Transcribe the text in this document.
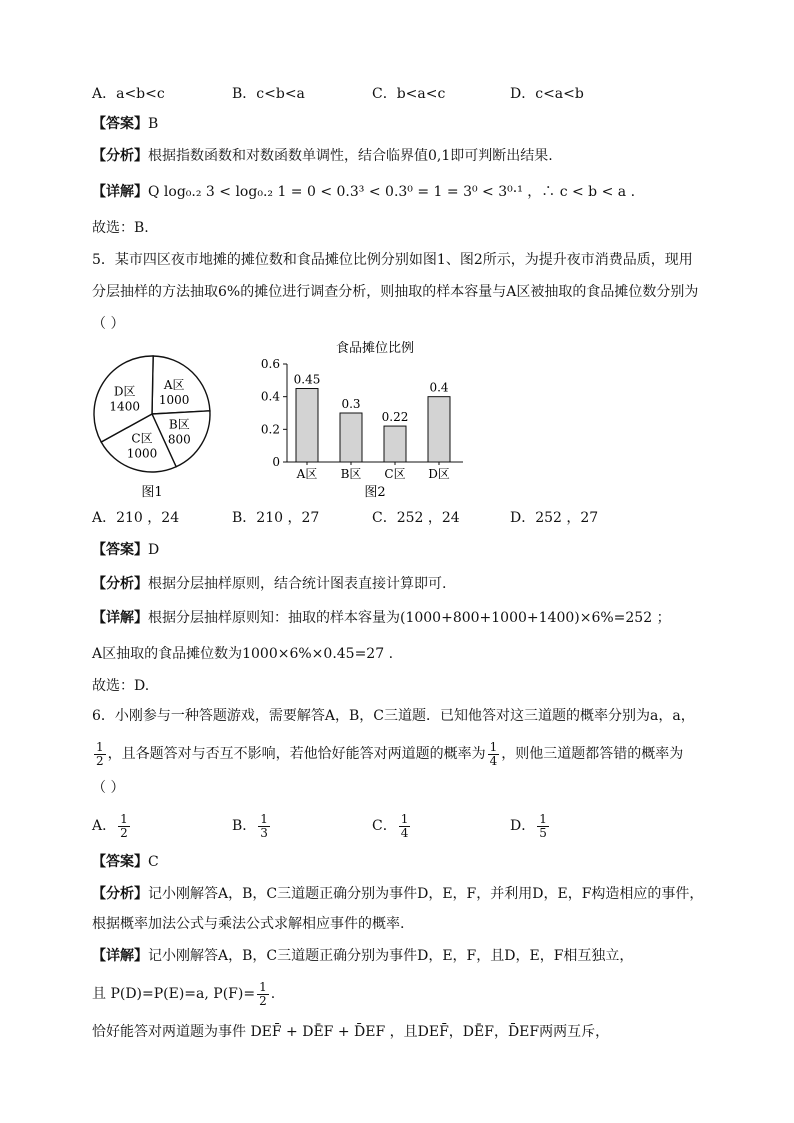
A．a<b<c	B．c<b<a	C．b<a<c	D．c<a<b
【答案】B
【分析】根据指数函数和对数函数单调性，结合临界值0,1即可判断出结果.
【详解】Q log₀.₂ 3 < log₀.₂ 1 = 0 < 0.3³ < 0.3⁰ = 1 = 3⁰ < 3⁰·¹ ，∴ c < b < a .
故选：B.
5．某市四区夜市地摊的摊位数和食品摊位比例分别如图1、图2所示，为提升夜市消费品质，现用
分层抽样的方法抽取6%的摊位进行调查分析，则抽取的样本容量与A区被抽取的食品摊位数分别为
（ ）
A区
1000
B区
800
C区
1000
D区
1400
图1
食品摊位比例
0
0.2
0.4
0.6
0.45
A区
0.3
B区
0.22
C区
0.4
D区
图2
A．210 ，24	B．210 ，27	C．252 ，24	D．252 ，27
【答案】D
【分析】根据分层抽样原则，结合统计图表直接计算即可.
【详解】根据分层抽样原则知：抽取的样本容量为(1000+800+1000+1400)×6%=252 ；
A区抽取的食品摊位数为1000×6%×0.45=27 .
故选：D.
6．小刚参与一种答题游戏，需要解答A，B，C三道题．已知他答对这三道题的概率分别为a，a，
$\frac{1}{2}$ ，且各题答对与否互不影响，若他恰好能答对两道题的概率为 $\frac{1}{4}$ ，则他三道题都答错的概率为
（ ）
A． $\frac{1}{2}$	B． $\frac{1}{3}$	C． $\frac{1}{4}$	D． $\frac{1}{5}$
【答案】C
【分析】记小刚解答A，B，C三道题正确分别为事件D，E，F，并利用D，E，F构造相应的事件，
根据概率加法公式与乘法公式求解相应事件的概率.
【详解】记小刚解答A，B，C三道题正确分别为事件D，E，F，且D，E，F相互独立，
且 P(D)=P(E)=a, $P(F)= \frac{1}{2}$ .
恰好能答对两道题为事件 DEF̄ + DĒF + D̄EF ，且DEF̄，DĒF，D̄EF两两互斥，
